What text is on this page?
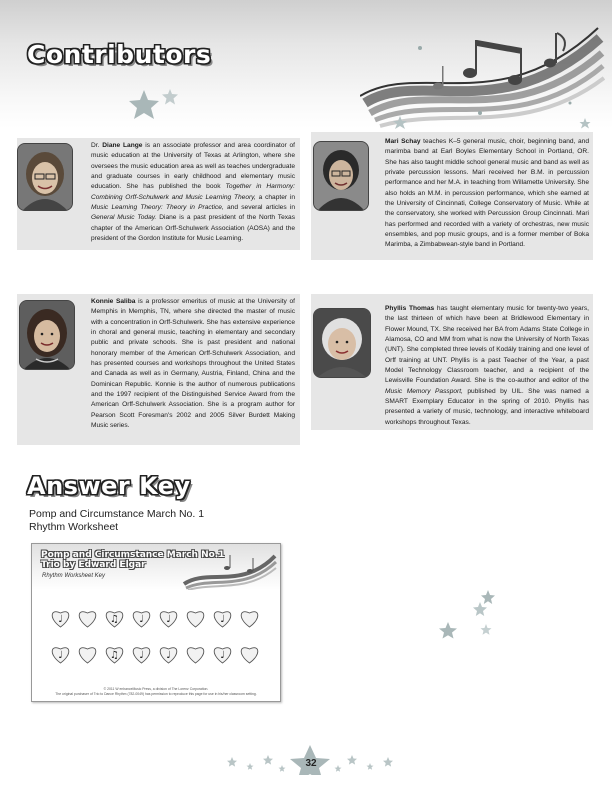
Contributors
Dr. Diane Lange is an associate professor and area coordinator of music education at the University of Texas at Arlington, where she oversees the music education area as well as teaches undergraduate and graduate courses in early childhood and elementary music education. She has published the book Together in Harmony: Combining Orff-Schulwerk and Music Learning Theory, a chapter in Music Learning Theory: Theory in Practice, and several articles in General Music Today. Diane is a past president of the North Texas chapter of the American Orff-Schulwerk Association (AOSA) and the president of the Gordon Institute for Music Learning.
Mari Schay teaches K–5 general music, choir, beginning band, and marimba band at Earl Boyles Elementary School in Portland, OR. She has also taught middle school general music and band as well as private percussion lessons. Mari received her B.M. in percussion performance and her M.A. in teaching from Willamette University. She also holds an M.M. in percussion performance, which she earned at the University of Cincinnati, College Conservatory of Music. While at the conservatory, she worked with Percussion Group Cincinnati. Mari has performed and recorded with a variety of orchestras, new music ensembles, and pop music groups, and is a former member of Boka Marimba, a Zimbabwean-style band in Portland.
Konnie Saliba is a professor emeritus of music at the University of Memphis in Memphis, TN, where she directed the master of music with a concentration in Orff-Schulwerk. She has extensive experience in choral and general music, teaching in elementary and secondary public and private schools. She is past president and national honorary member of the American Orff-Schulwerk Association, and has presented courses and workshops throughout the United States and Canada as well as in Germany, Austria, Finland, China and the Dominican Republic. Konnie is the author of numerous publications and the 1997 recipient of the Distinguished Service Award from the American Orff-Schulwerk Association. She is a program author for Pearson Scott Foresman's 2002 and 2005 Silver Burdett Making Music series.
Phyllis Thomas has taught elementary music for twenty-two years, the last thirteen of which have been at Bridlewood Elementary in Flower Mound, TX. She received her BA from Adams State College in Alamosa, CO and MM from what is now the University of North Texas (UNT). She completed three levels of Kodály training and one level of Orff training at UNT. Phyllis is a past Teacher of the Year, a past Model Technology Classroom teacher, and a recipient of the Lewisville Foundation Award. She is the co-author and editor of the Music Memory Passport, published by UIL. She was named a SMART Exemplary Educator in the spring of 2010. Phyllis has presented a variety of music, technology, and interactive whiteboard workshops throughout Texas.
Answer Key
Pomp and Circumstance March No. 1
Rhythm Worksheet
Pomp and Circumstance March No.1
Trio by Edward Elgar
Rhythm Worksheet Key
♩	♫ ♩ ♩	♩
♩	♫ ♩ ♩	♩
© 2011 W enhanceMusic Press, a division of The Lorenz Corporation.
The original purchaser of Trio to Dance Rhythm (782-0049) has permission to reproduce this page for use in his/her classroom setting.
32
